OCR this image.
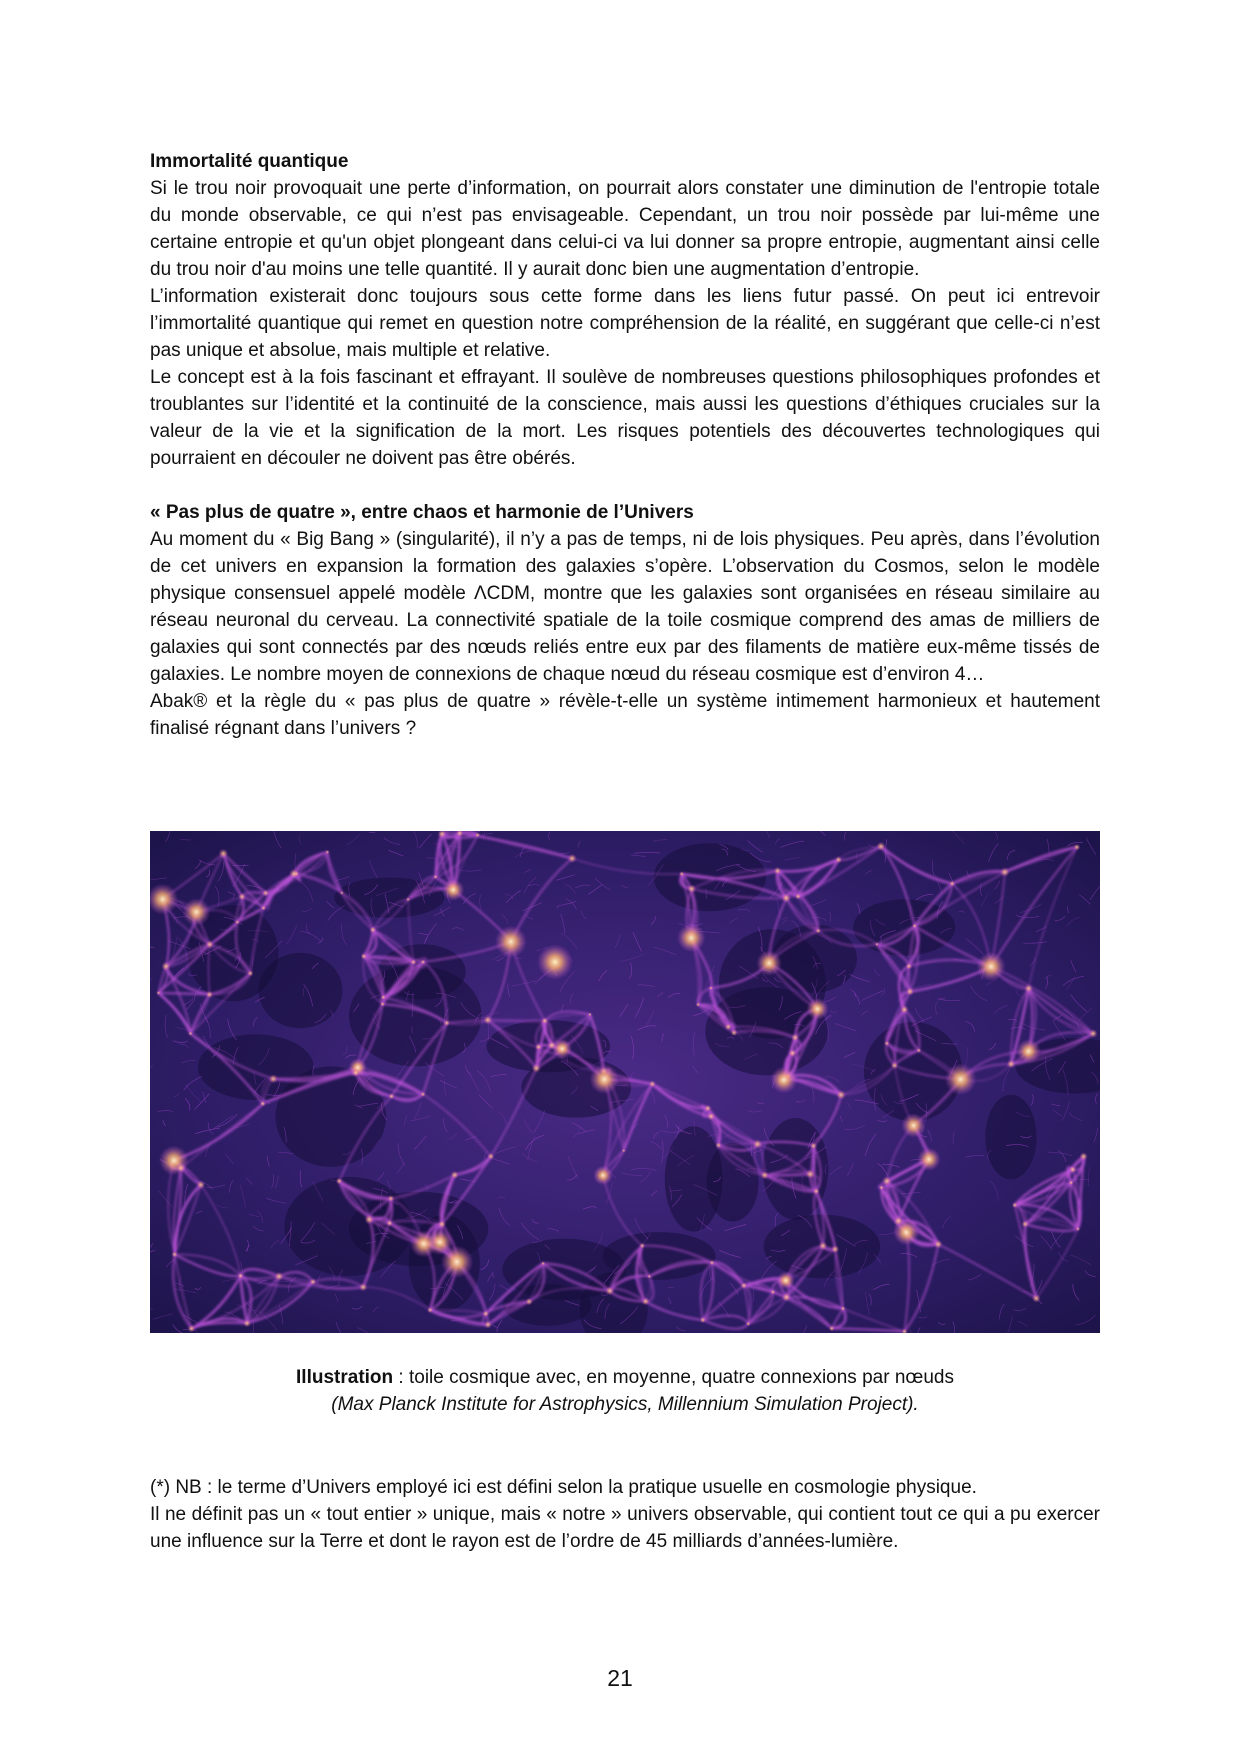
Immortalité quantique

Si le trou noir provoquait une perte d’information, on pourrait alors constater une diminution de l'entropie totale du monde observable, ce qui n’est pas envisageable. Cependant, un trou noir possède par lui-même une certaine entropie et qu'un objet plongeant dans celui-ci va lui donner sa propre entropie, augmentant ainsi celle du trou noir d'au moins une telle quantité. Il y aurait donc bien une augmentation d’entropie.

L’information existerait donc toujours sous cette forme dans les liens futur passé. On peut ici entrevoir l’immortalité quantique qui remet en question notre compréhension de la réalité, en suggérant que celle-ci n’est pas unique et absolue, mais multiple et relative.

Le concept est à la fois fascinant et effrayant. Il soulève de nombreuses questions philosophiques profondes et troublantes sur l’identité et la continuité de la conscience, mais aussi les questions d’éthiques cruciales sur la valeur de la vie et la signification de la mort. Les risques potentiels des découvertes technologiques qui pourraient en découler ne doivent pas être obérés.

« Pas plus de quatre », entre chaos et harmonie de l’Univers

Au moment du « Big Bang » (singularité), il n’y a pas de temps, ni de lois physiques. Peu après, dans l’évolution de cet univers en expansion la formation des galaxies s’opère. L’observation du Cosmos, selon le modèle physique consensuel appelé modèle ΛCDM, montre que les galaxies sont organisées en réseau similaire au réseau neuronal du cerveau. La connectivité spatiale de la toile cosmique comprend des amas de milliers de galaxies qui sont connectés par des nœuds reliés entre eux par des filaments de matière eux-même tissés de galaxies. Le nombre moyen de connexions de chaque nœud du réseau cosmique est d’environ 4…

Abak® et la règle du « pas plus de quatre » révèle-t-elle un système intimement harmonieux et hautement finalisé régnant dans l’univers ?

Illustration : toile cosmique avec, en moyenne, quatre connexions par nœuds
(Max Planck Institute for Astrophysics, Millennium Simulation Project).

(*) NB : le terme d’Univers employé ici est défini selon la pratique usuelle en cosmologie physique.

Il ne définit pas un « tout entier » unique, mais « notre » univers observable, qui contient tout ce qui a pu exercer une influence sur la Terre et dont le rayon est de l’ordre de 45 milliards d’années-lumière.

21
